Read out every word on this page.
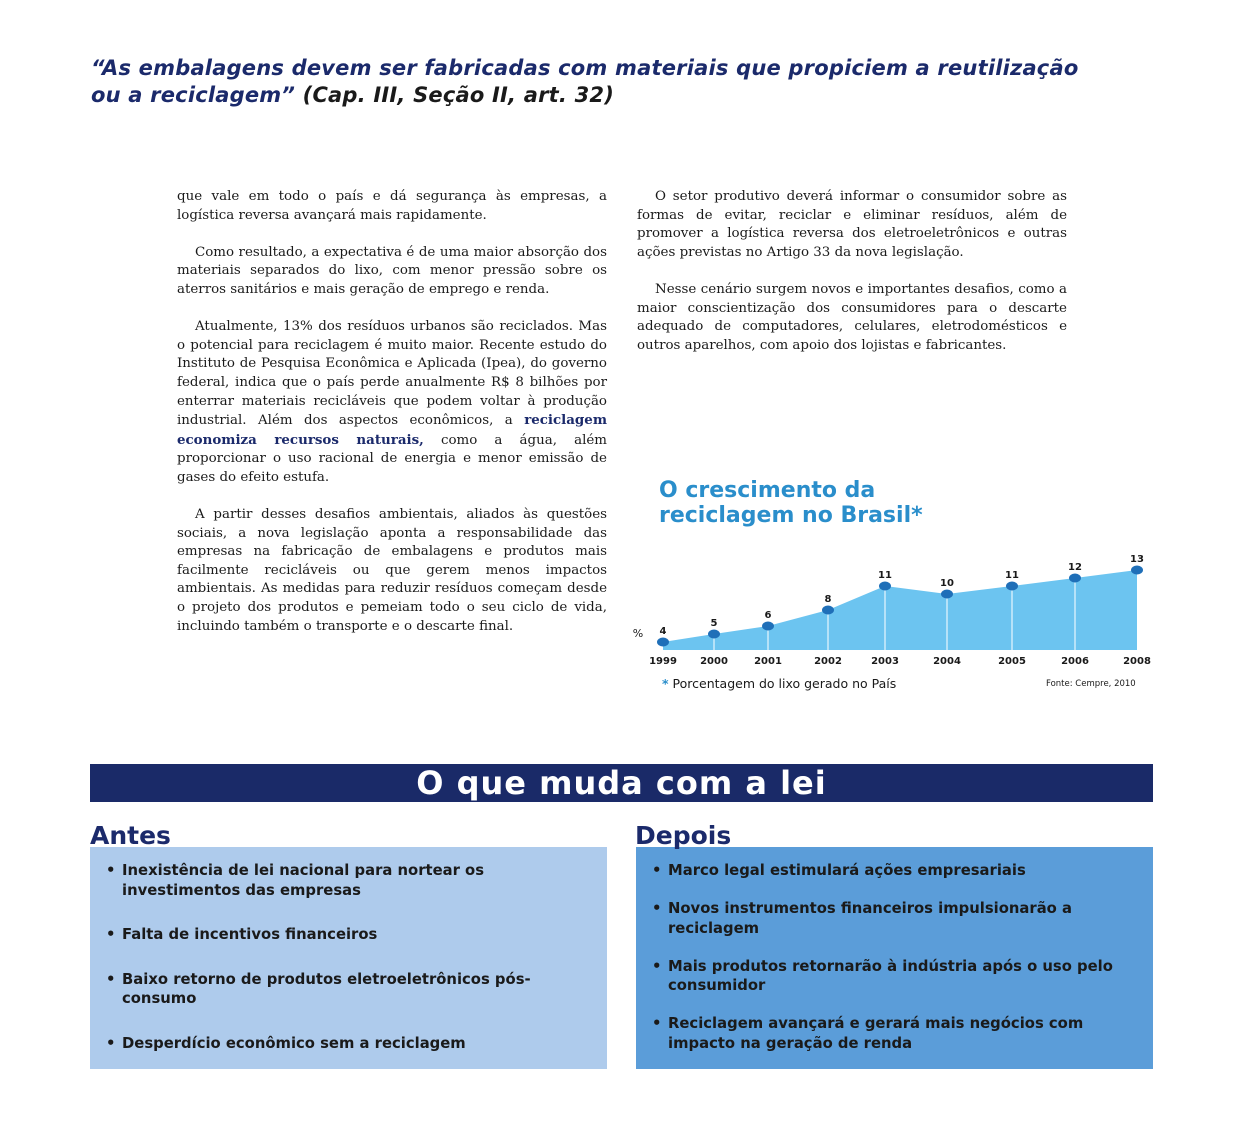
“As embalagens devem ser fabricadas com materiais que propiciem a reutilização ou a reciclagem” (Cap. III, Seção II, art. 32)

que vale em todo o país e dá segurança às empresas, a logística reversa avançará mais rapidamente.

Como resultado, a expectativa é de uma maior absorção dos materiais separados do lixo, com menor pressão sobre os aterros sanitários e mais geração de emprego e renda.

Atualmente, 13% dos resíduos urbanos são reciclados. Mas o potencial para reciclagem é muito maior. Recente estudo do Instituto de Pesquisa Econômica e Aplicada (Ipea), do governo federal, indica que o país perde anualmente R$ 8 bilhões por enterrar materiais recicláveis que podem voltar à produção industrial. Além dos aspectos econômicos, a reciclagem economiza recursos naturais, como a água, além proporcionar o uso racional de energia e menor emissão de gases do efeito estufa.

A partir desses desafios ambientais, aliados às questões sociais, a nova legislação aponta a responsabilidade das empresas na fabricação de embalagens e produtos mais facilmente recicláveis ou que gerem menos impactos ambientais. As medidas para reduzir resíduos começam desde o projeto dos produtos e pemeiam todo o seu ciclo de vida, incluindo também o transporte e o descarte final.

O setor produtivo deverá informar o consumidor sobre as formas de evitar, reciclar e eliminar resíduos, além de promover a logística reversa dos eletroeletrônicos e outras ações previstas no Artigo 33 da nova legislação.

Nesse cenário surgem novos e importantes desafios, como a maior conscientização dos consumidores para o descarte adequado de computadores, celulares, eletrodomésticos e outros aparelhos, com apoio dos lojistas e fabricantes.

O crescimento da
reciclagem no Brasil*
4
5
6
8
11
10
11
12
13
1999 2000	2001	2002	2003	2004	2005	2006	2008
%
* Porcentagem do lixo gerado no País	Fonte: Cempre, 2010
O que muda com a lei
Antes	Depois
• Inexistência de lei nacional para nortear os investimentos das empresas
• Falta de incentivos financeiros
• Baixo retorno de produtos eletroeletrônicos pós-consumo
• Desperdício econômico sem a reciclagem
• Marco legal estimulará ações empresariais
• Novos instrumentos financeiros impulsionarão a reciclagem
• Mais produtos retornarão à indústria após o uso pelo consumidor
• Reciclagem avançará e gerará mais negócios com impacto na geração de renda
